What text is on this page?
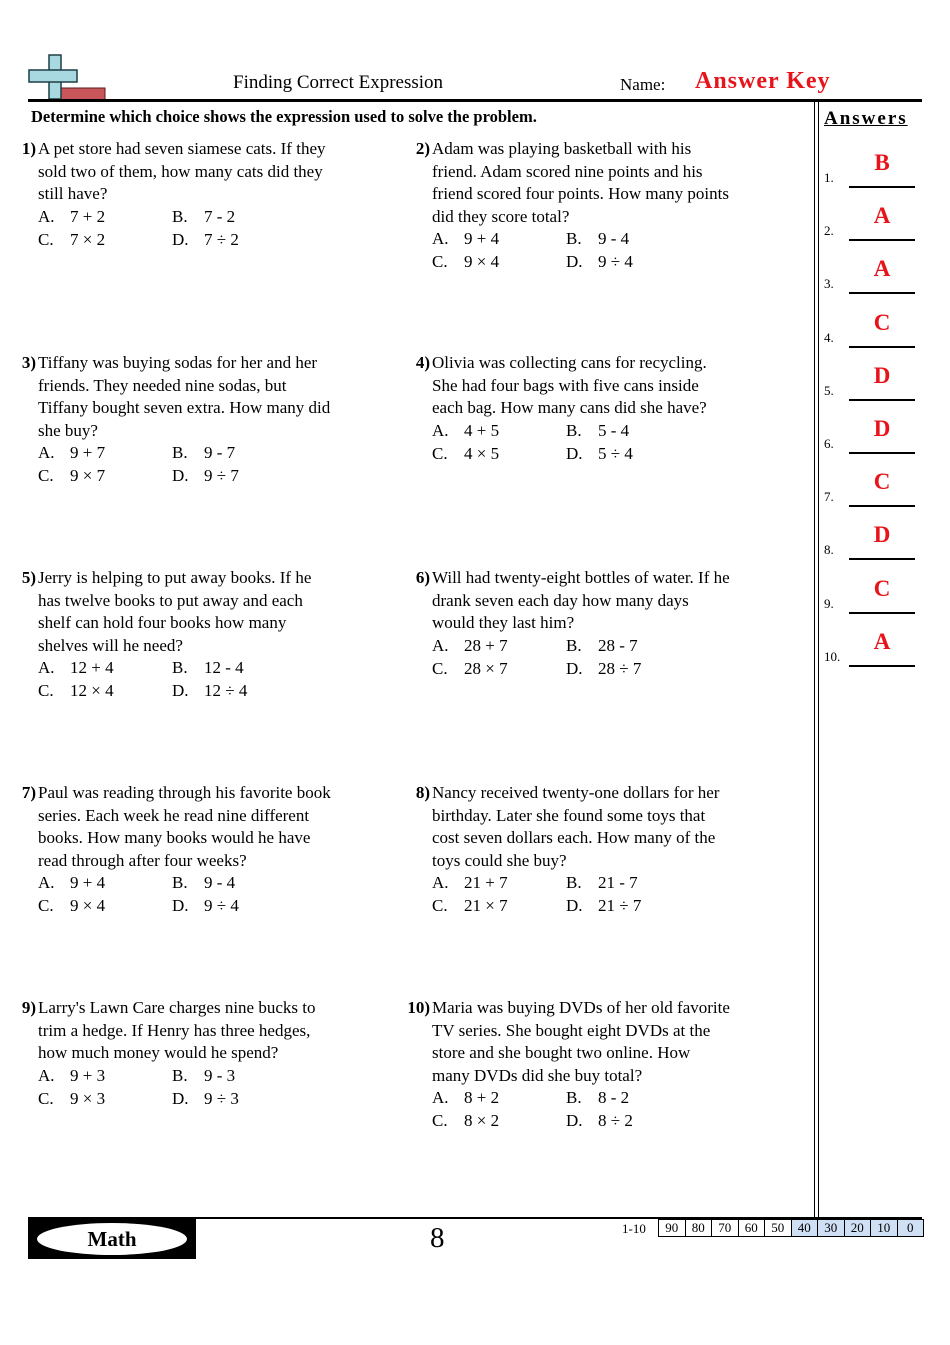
Finding Correct Expression	Name: Answer Key
Determine which choice shows the expression used to solve the problem.
1) A pet store had seven siamese cats. If they sold two of them, how many cats did they still have?
A. 7 + 2	B. 7 - 2
C. 7 × 2	D. 7 ÷ 2
2) Adam was playing basketball with his friend. Adam scored nine points and his friend scored four points. How many points did they score total?
A. 9 + 4	B. 9 - 4
C. 9 × 4	D. 9 ÷ 4
3) Tiffany was buying sodas for her and her friends. They needed nine sodas, but Tiffany bought seven extra. How many did she buy?
A. 9 + 7	B. 9 - 7
C. 9 × 7	D. 9 ÷ 7
4) Olivia was collecting cans for recycling. She had four bags with five cans inside each bag. How many cans did she have?
A. 4 + 5	B. 5 - 4
C. 4 × 5	D. 5 ÷ 4
5) Jerry is helping to put away books. If he has twelve books to put away and each shelf can hold four books how many shelves will he need?
A. 12 + 4	B. 12 - 4
C. 12 × 4	D. 12 ÷ 4
6) Will had twenty-eight bottles of water. If he drank seven each day how many days would they last him?
A. 28 + 7	B. 28 - 7
C. 28 × 7	D. 28 ÷ 7
7) Paul was reading through his favorite book series. Each week he read nine different books. How many books would he have read through after four weeks?
A. 9 + 4	B. 9 - 4
C. 9 × 4	D. 9 ÷ 4
8) Nancy received twenty-one dollars for her birthday. Later she found some toys that cost seven dollars each. How many of the toys could she buy?
A. 21 + 7	B. 21 - 7
C. 21 × 7	D. 21 ÷ 7
9) Larry's Lawn Care charges nine bucks to trim a hedge. If Henry has three hedges, how much money would he spend?
A. 9 + 3	B. 9 - 3
C. 9 × 3	D. 9 ÷ 3
10) Maria was buying DVDs of her old favorite TV series. She bought eight DVDs at the store and she bought two online. How many DVDs did she buy total?
A. 8 + 2	B. 8 - 2
C. 8 × 2	D. 8 ÷ 2
Answers
1.
B
2.
A
3.
A
4.
C
5.
D
6.
D
7.
C
8.
D
9.
C
10.
A
Math	8	1-10	90	80	70	60	50	40	30	20	10	0
